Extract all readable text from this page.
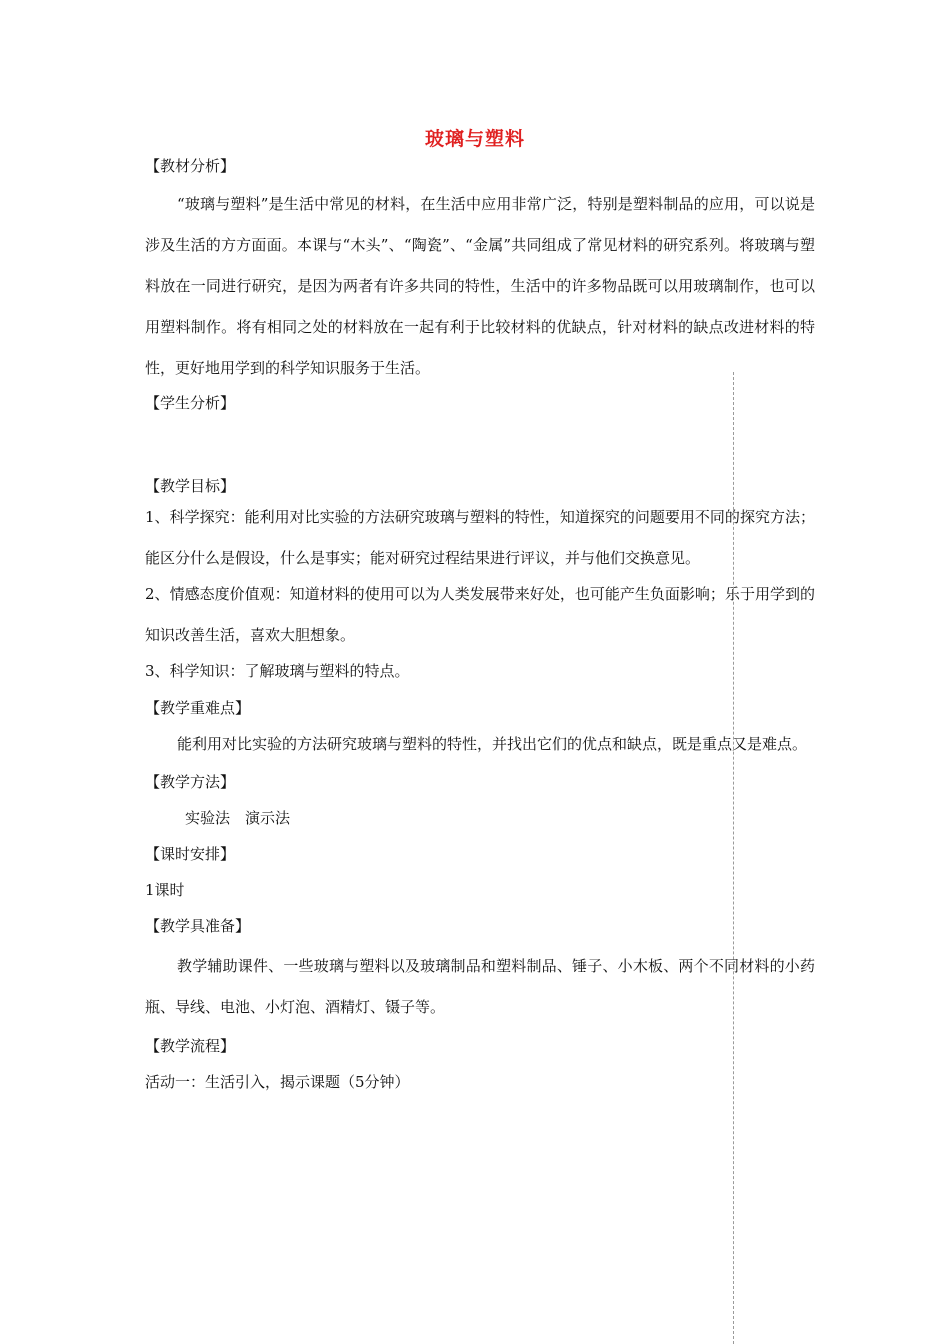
玻璃与塑料

【教材分析】

“玻璃与塑料”是生活中常见的材料，在生活中应用非常广泛，特别是塑料制品的应用，可以说是涉及生活的方方面面。本课与“木头”、“陶瓷”、“金属”共同组成了常见材料的研究系列。将玻璃与塑料放在一同进行研究，是因为两者有许多共同的特性，生活中的许多物品既可以用玻璃制作，也可以用塑料制作。将有相同之处的材料放在一起有利于比较材料的优缺点，针对材料的缺点改进材料的特性，更好地用学到的科学知识服务于生活。

【学生分析】

【教学目标】

1、科学探究：能利用对比实验的方法研究玻璃与塑料的特性，知道探究的问题要用不同的探究方法；能区分什么是假设，什么是事实；能对研究过程结果进行评议，并与他们交换意见。

2、情感态度价值观：知道材料的使用可以为人类发展带来好处，也可能产生负面影响；乐于用学到的知识改善生活，喜欢大胆想象。

3、科学知识：了解玻璃与塑料的特点。

【教学重难点】

能利用对比实验的方法研究玻璃与塑料的特性，并找出它们的优点和缺点，既是重点又是难点。

【教学方法】

实验法　演示法

【课时安排】

1课时

【教学具准备】

教学辅助课件、一些玻璃与塑料以及玻璃制品和塑料制品、锤子、小木板、两个不同材料的小药瓶、导线、电池、小灯泡、酒精灯、镊子等。

【教学流程】

活动一：生活引入，揭示课题（5分钟）
